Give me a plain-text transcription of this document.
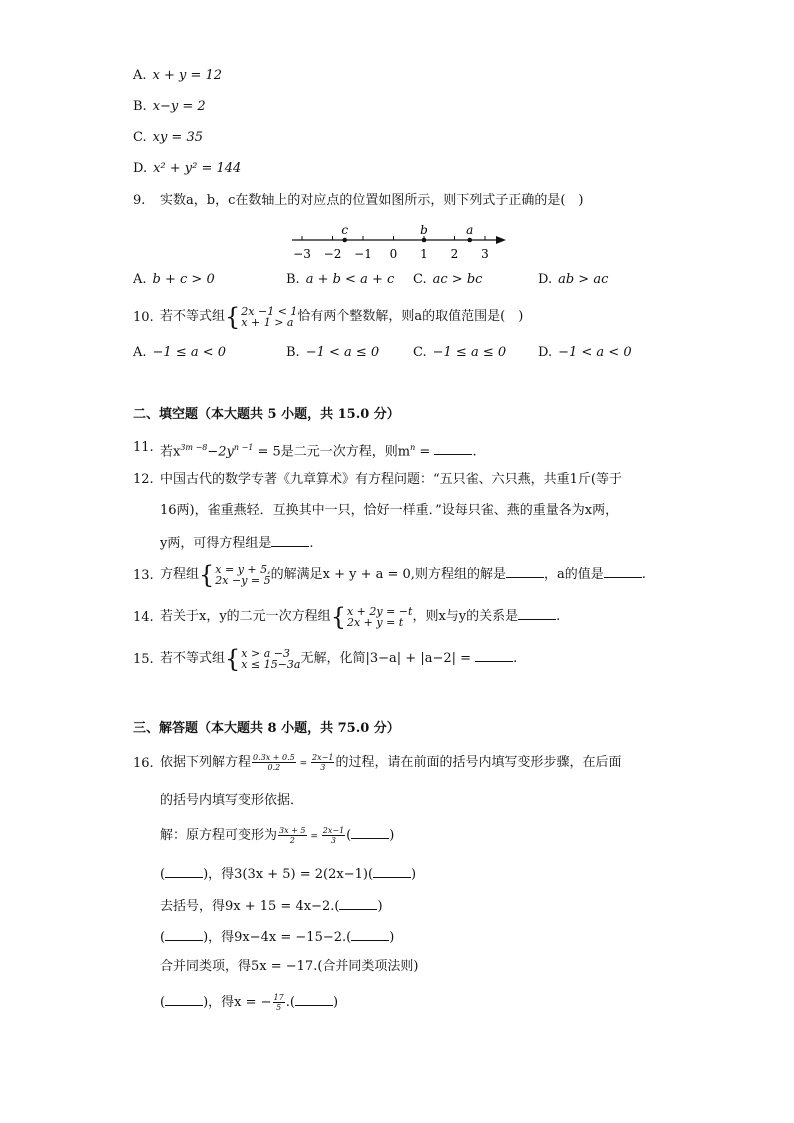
A. x + y = 12
B. x−y = 2
C. xy = 35
D. x² + y² = 144
9. 实数a，b，c在数轴上的对应点的位置如图所示，则下列式子正确的是(　)
−3 −2 −1 0 1 2 3
c	b	a
A. b + c > 0	B. a + b < a + c C. ac > bc	D. ab > ac
10. 若不等式组 { 2x −1 < 1
x + 1 > a 恰有两个整数解，则a的取值范围是(　)
A. −1 ≤ a < 0	B. −1 < a ≤ 0	C. −1 ≤ a ≤ 0 D. −1 < a < 0
二、填空题（本大题共 5 小题，共 15.0 分）
11. 若$x^{3m -8}-2y^{n -1} = 5$是二元一次方程，则$m^n$ =	.
12. 中国古代的数学专著《九章算术》有方程问题：“五只雀、六只燕，共重1斤(等于
16两)，雀重燕轻．互换其中一只，恰好一样重．”设每只雀、燕的重量各为x两，
y两，可得方程组是	.
13. 方程组 { x = y + 5,
2x −y = 5 的解满足x + y + a = 0,则方程组的解是	，a的值是	.
14. 若关于x，y的二元一次方程组 { x + 2y = −t
2x + y = t ，则x与y的关系是	.
15. 若不等式组 { x > a −3
x ≤ 15−3a 无解，化简|3−a| + |a−2| =	.
三、解答题（本大题共 8 小题，共 75.0 分）
16. 依据下列解方程 $\frac{0.3x + 0.5}{0.2} = \frac{2x-1}{3}$ 的过程，请在前面的括号内填写变形步骤，在后面
的括号内填写变形依据．
解：原方程可变形为 $\frac{3x + 5}{2} = \frac{2x-1}{3}$ (	)
(	)，得3(3x + 5) = 2(2x−1)(	)
去括号，得9x + 15 = 4x−2.(	)
(	)，得9x−4x = −15−2.(	)
合并同类项，得5x = −17.(合并同类项法则)
(	)，得x = − $\frac{17}{5}$ .(	)
